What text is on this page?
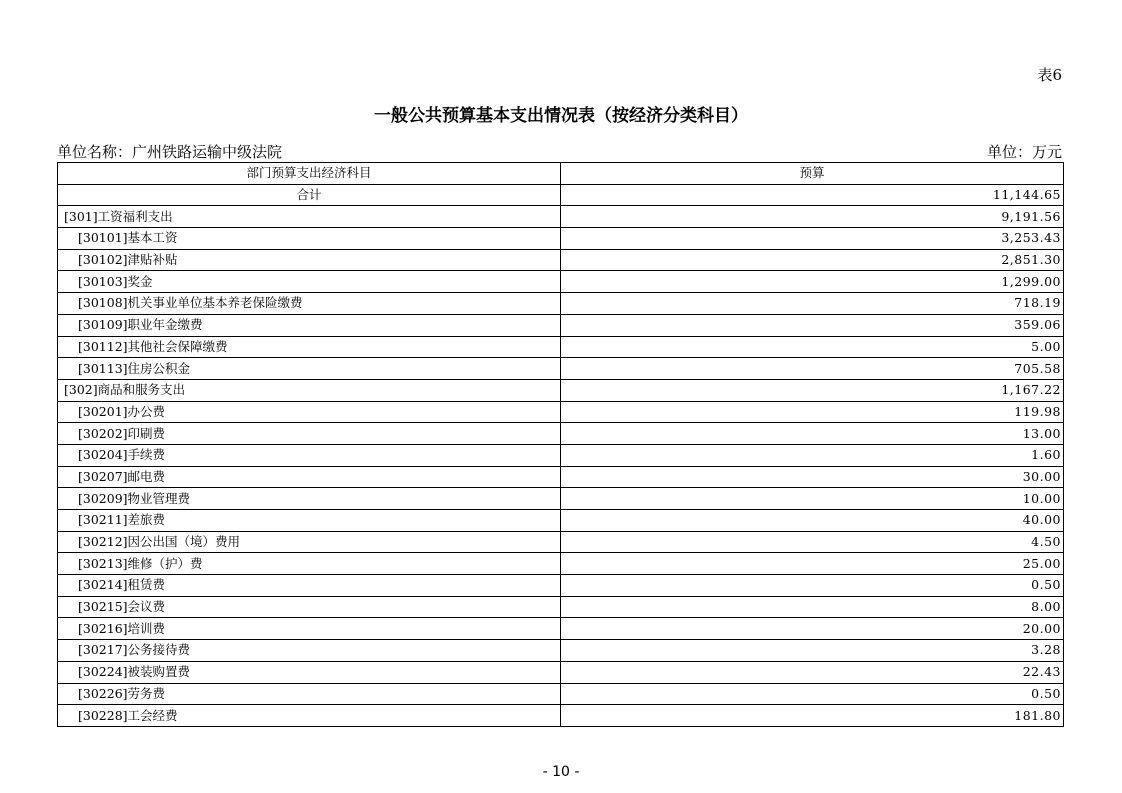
表6
一般公共预算基本支出情况表（按经济分类科目）
单位名称：广州铁路运输中级法院	单位：万元
部门预算支出经济科目	预算
合计	11,144.65
[301]工资福利支出	9,191.56
[30101]基本工资	3,253.43
[30102]津贴补贴	2,851.30
[30103]奖金	1,299.00
[30108]机关事业单位基本养老保险缴费	718.19
[30109]职业年金缴费	359.06
[30112]其他社会保障缴费	5.00
[30113]住房公积金	705.58
[302]商品和服务支出	1,167.22
[30201]办公费	119.98
[30202]印刷费	13.00
[30204]手续费	1.60
[30207]邮电费	30.00
[30209]物业管理费	10.00
[30211]差旅费	40.00
[30212]因公出国（境）费用	4.50
[30213]维修（护）费	25.00
[30214]租赁费	0.50
[30215]会议费	8.00
[30216]培训费	20.00
[30217]公务接待费	3.28
[30224]被装购置费	22.43
[30226]劳务费	0.50
[30228]工会经费	181.80
- 10 -
